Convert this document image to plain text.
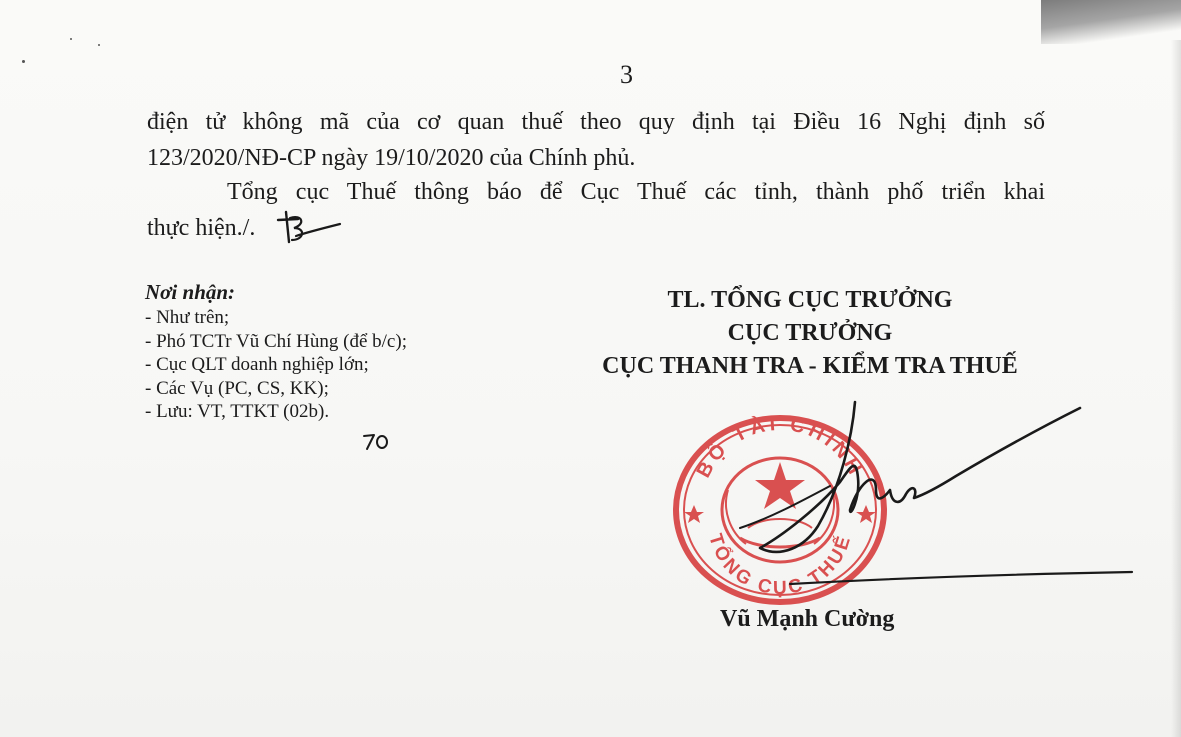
3
điện tử không mã của cơ quan thuế theo quy định tại Điều 16 Nghị định số
123/2020/NĐ-CP ngày 19/10/2020 của Chính phủ.
Tổng cục Thuế thông báo để Cục Thuế các tỉnh, thành phố triển khai
thực hiện./.
Nơi nhận:
- Như trên;
- Phó TCTr Vũ Chí Hùng (để b/c);
- Cục QLT doanh nghiệp lớn;
- Các Vụ (PC, CS, KK);
- Lưu: VT, TTKT (02b).
TL. TỔNG CỤC TRƯỞNG
CỤC TRƯỞNG
CỤC THANH TRA - KIỂM TRA THUẾ
BỘ TÀI CHÍNH
TỔNG CỤC THUẾ
Vũ Mạnh Cường
